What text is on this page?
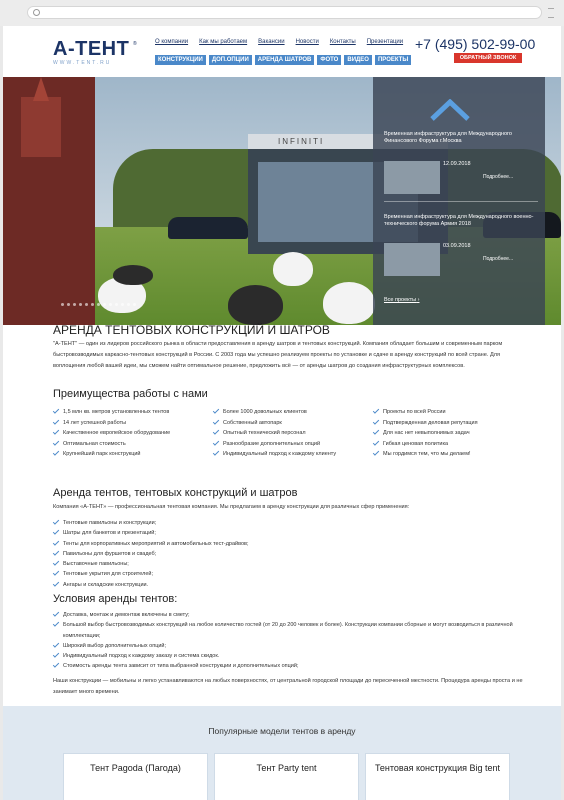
А-ТЕНТ
WWW.TENT.RU
®	О компании Как мы работаем Вакансии Новости Контакты Презентации
КОНСТРУКЦИИ	ДОП.ОПЦИИ	АРЕНДА ШАТРОВ	ФОТО	ВИДЕО	ПРОЕКТЫ
+7 (495) 502-99-00
ОБРАТНЫЙ ЗВОНОК
INFINITI
Временная инфраструктура для Международного Финансового Форума г.Москва
12.09.2018
Подробнее...
Временная инфраструктура для Международного военно-технического форума Армия 2018
03.09.2018
Подробнее...
Все проекты ›
АРЕНДА ТЕНТОВЫХ КОНСТРУКЦИЙ И ШАТРОВ

"А-ТЕНТ" — один из лидеров российского рынка в области предоставления в аренду шатров и тентовых конструкций. Компания обладает большим и современным парком быстровозводимых каркасно-тентовых конструкций в России. С 2003 года мы успешно реализуем проекты по установке и сдаче в аренду конструкций по всей стране. Для воплощения любой вашей идеи, мы сможем найти оптимальное решение, предложить всё — от аренды шатров до создания инфраструктурных комплексов.

Преимущества работы с нами
1,5 млн кв. метров установленных тентов
14 лет успешной работы
Качественное европейское оборудование
Оптимальная стоимость
Крупнейший парк конструкций
Более 1000 довольных клиентов
Собственный автопарк
Опытный технический персонал
Разнообразие дополнительных опций
Индивидуальный подход к каждому клиенту
Проекты по всей России
Подтвержденная деловая репутация
Для нас нет невыполнимых задач
Гибкая ценовая политика
Мы гордимся тем, что мы делаем!
Аренда тентов, тентовых конструкций и шатров
Компания «А-ТЕНТ» — профессиональная тентовая компания. Мы предлагаем в аренду конструкции для различных сфер применения:
Тентовые павильоны и конструкции;
Шатры для банкетов и презентаций;
Тенты для корпоративных мероприятий и автомобильных тест-драйвов;
Павильоны для фуршетов и свадеб;
Выставочные павильоны;
Тентовые укрытия для строителей;
Ангары и складские конструкции.
Условия аренды тентов:
Доставка, монтаж и демонтаж включены в смету;
Большой выбор быстровозводимых конструкций на любое количество гостей (от 20 до 200 человек и более). Конструкции компании сборные и могут возводиться в различной комплектации;
Широкий выбор дополнительных опций;
Индивидуальный подход к каждому заказу и система скидок.
Стоимость аренды тента зависит от типа выбранной конструкции и дополнительных опций;
Наши конструкции — мобильны и легко устанавливаются на любых поверхностях, от центральной городской площади до пересеченной местности. Процедура аренды проста и не занимает много времени.
Популярные модели тентов в аренду
Тент Pagoda (Пагода)	Тент Party tent	Тентовая конструкция Big tent
